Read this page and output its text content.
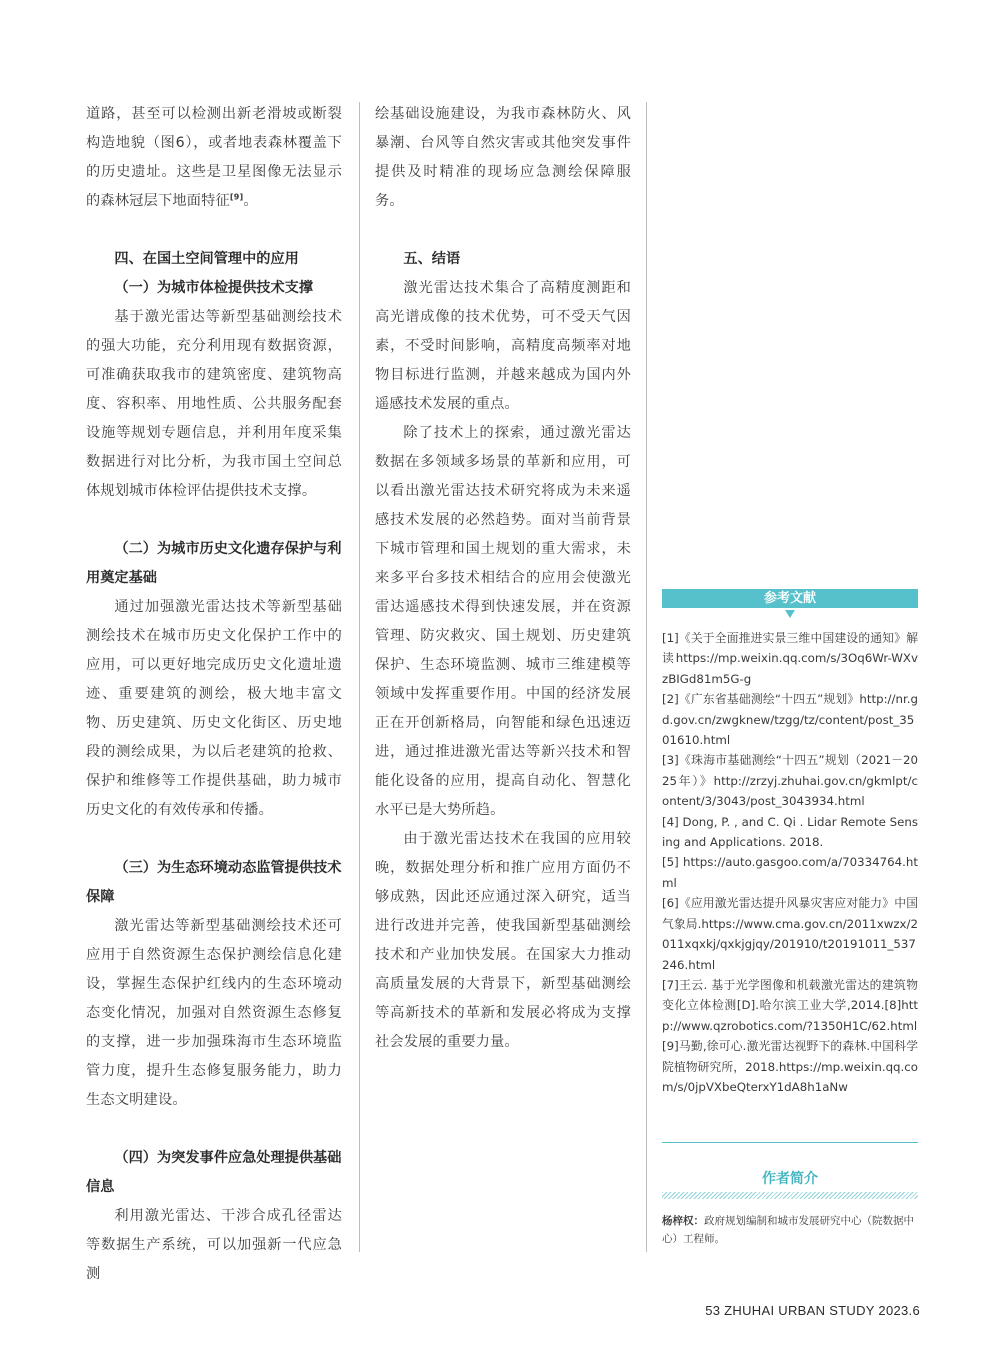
道路，甚至可以检测出新老滑坡或断裂构造地貌（图6），或者地表森林覆盖下的历史遗址。这些是卫星图像无法显示的森林冠层下地面特征[9]。

四、在国土空间管理中的应用

（一）为城市体检提供技术支撑

基于激光雷达等新型基础测绘技术的强大功能，充分利用现有数据资源，可准确获取我市的建筑密度、建筑物高度、容积率、用地性质、公共服务配套设施等规划专题信息，并利用年度采集数据进行对比分析，为我市国土空间总体规划城市体检评估提供技术支撑。

（二）为城市历史文化遗存保护与利用奠定基础

通过加强激光雷达技术等新型基础测绘技术在城市历史文化保护工作中的应用，可以更好地完成历史文化遗址遗迹、重要建筑的测绘，极大地丰富文物、历史建筑、历史文化街区、历史地段的测绘成果，为以后老建筑的抢救、保护和维修等工作提供基础，助力城市历史文化的有效传承和传播。

（三）为生态环境动态监管提供技术保障

激光雷达等新型基础测绘技术还可应用于自然资源生态保护测绘信息化建设，掌握生态保护红线内的生态环境动态变化情况，加强对自然资源生态修复的支撑，进一步加强珠海市生态环境监管力度，提升生态修复服务能力，助力生态文明建设。

（四）为突发事件应急处理提供基础信息

利用激光雷达、干涉合成孔径雷达等数据生产系统，可以加强新一代应急测

绘基础设施建设，为我市森林防火、风暴潮、台风等自然灾害或其他突发事件提供及时精准的现场应急测绘保障服务。

五、结语

激光雷达技术集合了高精度测距和高光谱成像的技术优势，可不受天气因素，不受时间影响，高精度高频率对地物目标进行监测，并越来越成为国内外遥感技术发展的重点。

除了技术上的探索，通过激光雷达数据在多领域多场景的革新和应用，可以看出激光雷达技术研究将成为未来遥感技术发展的必然趋势。面对当前背景下城市管理和国土规划的重大需求，未来多平台多技术相结合的应用会使激光雷达遥感技术得到快速发展，并在资源管理、防灾救灾、国土规划、历史建筑保护、生态环境监测、城市三维建模等领域中发挥重要作用。中国的经济发展正在开创新格局，向智能和绿色迅速迈进，通过推进激光雷达等新兴技术和智能化设备的应用，提高自动化、智慧化水平已是大势所趋。

由于激光雷达技术在我国的应用较晚，数据处理分析和推广应用方面仍不够成熟，因此还应通过深入研究，适当进行改进并完善，使我国新型基础测绘技术和产业加快发展。在国家大力推动高质量发展的大背景下，新型基础测绘等高新技术的革新和发展必将成为支撑社会发展的重要力量。

参考文献

[1]《关于全面推进实景三维中国建设的通知》解读https://mp.weixin.qq.com/s/3Oq6Wr-WXvzBIGd81m5G-g

[2]《广东省基础测绘“十四五”规划》http://nr.gd.gov.cn/zwgknew/tzgg/tz/content/post_3501610.html

[3]《珠海市基础测绘“十四五”规划（2021－2025年）》http://zrzyj.zhuhai.gov.cn/gkmlpt/content/3/3043/post_3043934.html

[4] Dong, P. , and C. Qi . Lidar Remote Sensing and Applications. 2018.

[5] https://auto.gasgoo.com/a/70334764.html

[6]《应用激光雷达提升风暴灾害应对能力》中国气象局.https://www.cma.gov.cn/2011xwzx/2011xqxkj/qxkjgjqy/201910/t20191011_537246.html

[7]王云. 基于光学图像和机载激光雷达的建筑物变化立体检测[D].哈尔滨工业大学,2014.[8]http://www.qzrobotics.com/?1350H1C/62.html

[9]马勤,徐可心.激光雷达视野下的森林.中国科学院植物研究所，2018.https://mp.weixin.qq.com/s/0jpVXbeQterxY1dA8h1aNw

作者简介
杨梓权：政府规划编制和城市发展研究中心（院数据中心）工程师。
53 ZHUHAI URBAN STUDY 2023.6
